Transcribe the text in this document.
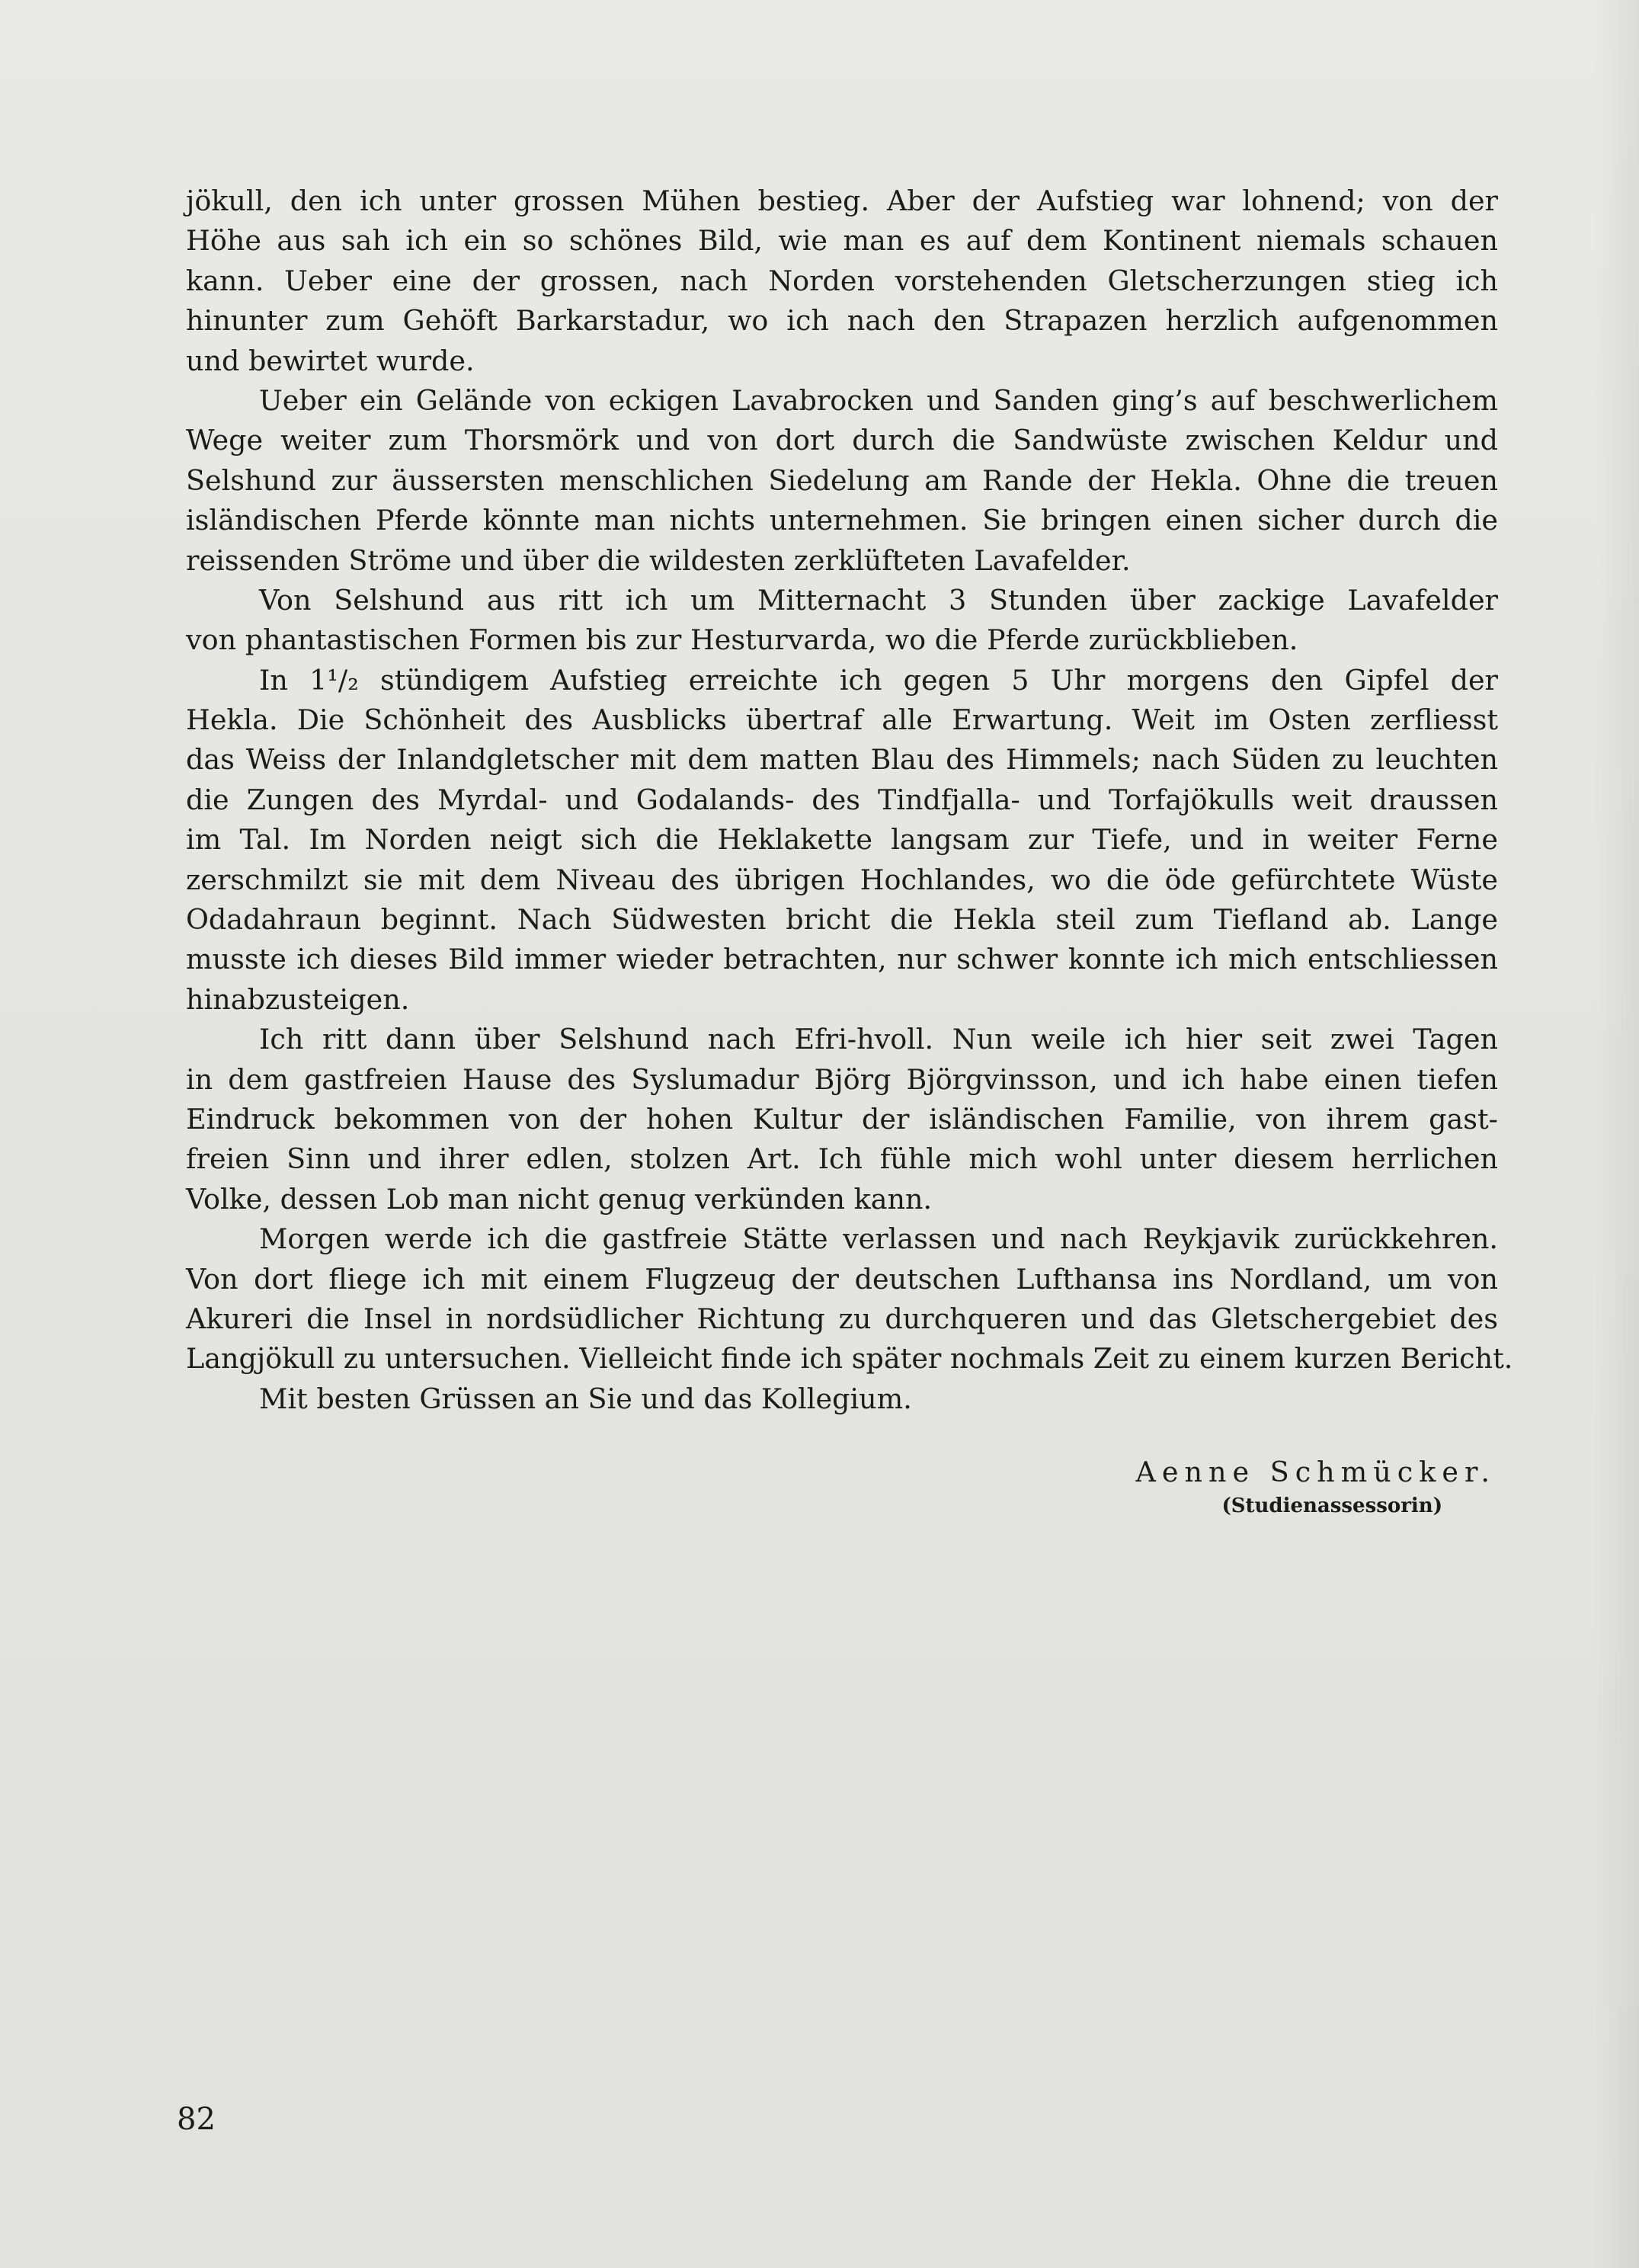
jökull, den ich unter grossen Mühen bestieg. Aber der Aufstieg war lohnend; von der
Höhe aus sah ich ein so schönes Bild, wie man es auf dem Kontinent niemals schauen
kann. Ueber eine der grossen, nach Norden vorstehenden Gletscherzungen stieg ich
hinunter zum Gehöft Barkarstadur, wo ich nach den Strapazen herzlich aufgenommen
und bewirtet wurde.
Ueber ein Gelände von eckigen Lavabrocken und Sanden ging’s auf beschwerlichem
Wege weiter zum Thorsmörk und von dort durch die Sandwüste zwischen Keldur und
Selshund zur äussersten menschlichen Siedelung am Rande der Hekla. Ohne die treuen
isländischen Pferde könnte man nichts unternehmen. Sie bringen einen sicher durch die
reissenden Ströme und über die wildesten zerklüfteten Lavafelder.
Von Selshund aus ritt ich um Mitternacht 3 Stunden über zackige Lavafelder
von phantastischen Formen bis zur Hesturvarda, wo die Pferde zurückblieben.
In 1¹/₂ stündigem Aufstieg erreichte ich gegen 5 Uhr morgens den Gipfel der
Hekla. Die Schönheit des Ausblicks übertraf alle Erwartung. Weit im Osten zerfliesst
das Weiss der Inlandgletscher mit dem matten Blau des Himmels; nach Süden zu leuchten
die Zungen des Myrdal- und Godalands- des Tindfjalla- und Torfajökulls weit draussen
im Tal. Im Norden neigt sich die Heklakette langsam zur Tiefe, und in weiter Ferne
zerschmilzt sie mit dem Niveau des übrigen Hochlandes, wo die öde gefürchtete Wüste
Odadahraun beginnt. Nach Südwesten bricht die Hekla steil zum Tiefland ab. Lange
musste ich dieses Bild immer wieder betrachten, nur schwer konnte ich mich entschliessen
hinabzusteigen.
Ich ritt dann über Selshund nach Efri-hvoll. Nun weile ich hier seit zwei Tagen
in dem gastfreien Hause des Syslumadur Björg Björgvinsson, und ich habe einen tiefen
Eindruck bekommen von der hohen Kultur der isländischen Familie, von ihrem gast-
freien Sinn und ihrer edlen, stolzen Art. Ich fühle mich wohl unter diesem herrlichen
Volke, dessen Lob man nicht genug verkünden kann.
Morgen werde ich die gastfreie Stätte verlassen und nach Reykjavik zurückkehren.
Von dort fliege ich mit einem Flugzeug der deutschen Lufthansa ins Nordland, um von
Akureri die Insel in nordsüdlicher Richtung zu durchqueren und das Gletschergebiet des
Langjökull zu untersuchen. Vielleicht finde ich später nochmals Zeit zu einem kurzen Bericht.
Mit besten Grüssen an Sie und das Kollegium.
Aenne Schmücker.
(Studienassessorin)
82
